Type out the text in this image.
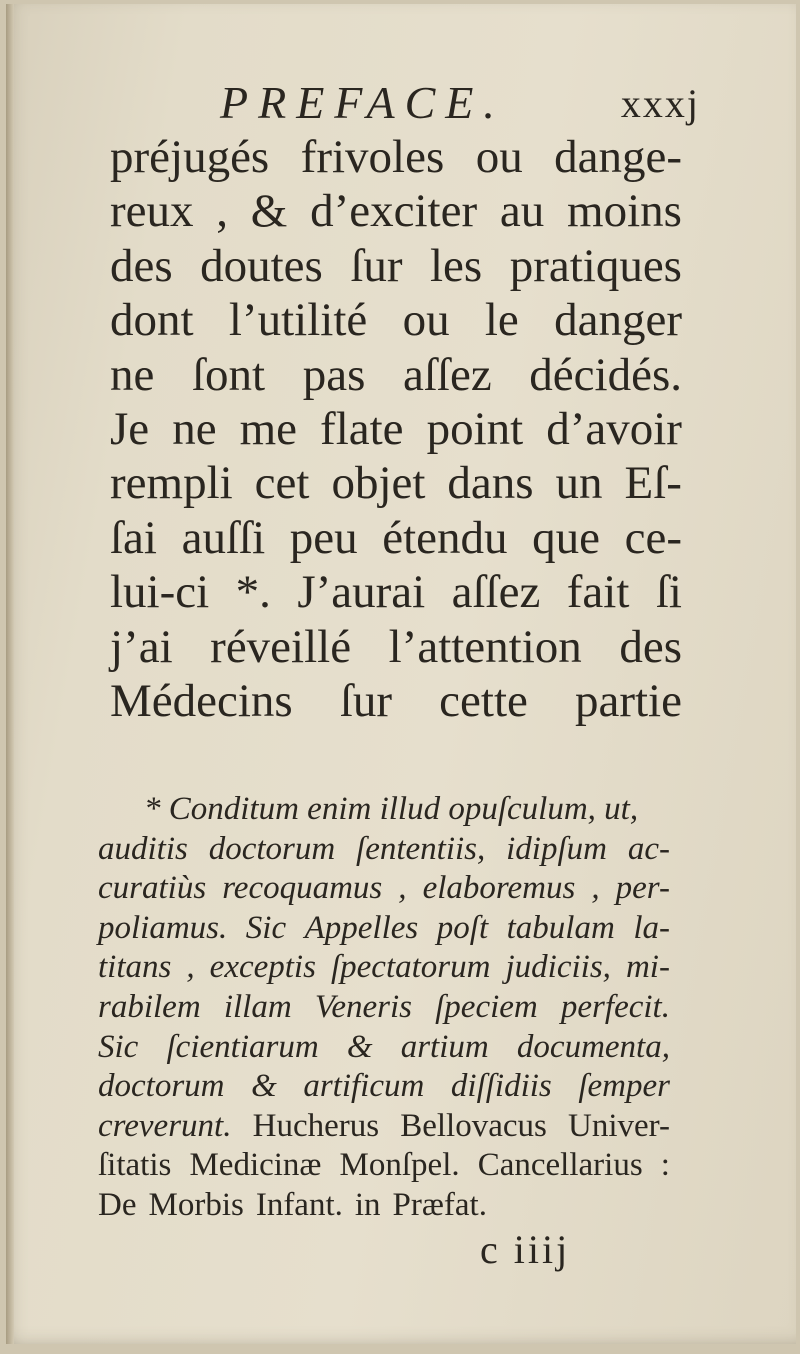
PREFACE.	xxxj
préjugés frivoles ou dange-
reux , & d’exciter au moins
des doutes ſur les pratiques
dont l’utilité ou le danger
ne ſont pas aſſez décidés.
Je ne me flate point d’avoir
rempli cet objet dans un Eſ-
ſai auſſi peu étendu que ce-
lui-ci *. J’aurai aſſez fait ſi
j’ai réveillé l’attention des
Médecins ſur cette partie
* Conditum enim illud opuſculum, ut,
auditis doctorum ſententiis, idipſum ac-
curatiùs recoquamus , elaboremus , per-
poliamus. Sic Appelles poſt tabulam la-
titans , exceptis ſpectatorum judiciis, mi-
rabilem illam Veneris ſpeciem perfecit.
Sic ſcientiarum & artium documenta,
doctorum & artificum diſſidiis ſemper
creverunt. Hucherus Bellovacus Univer-
ſitatis Medicinæ Monſpel. Cancellarius :
De Morbis Infant. in Præfat.
c iiij
